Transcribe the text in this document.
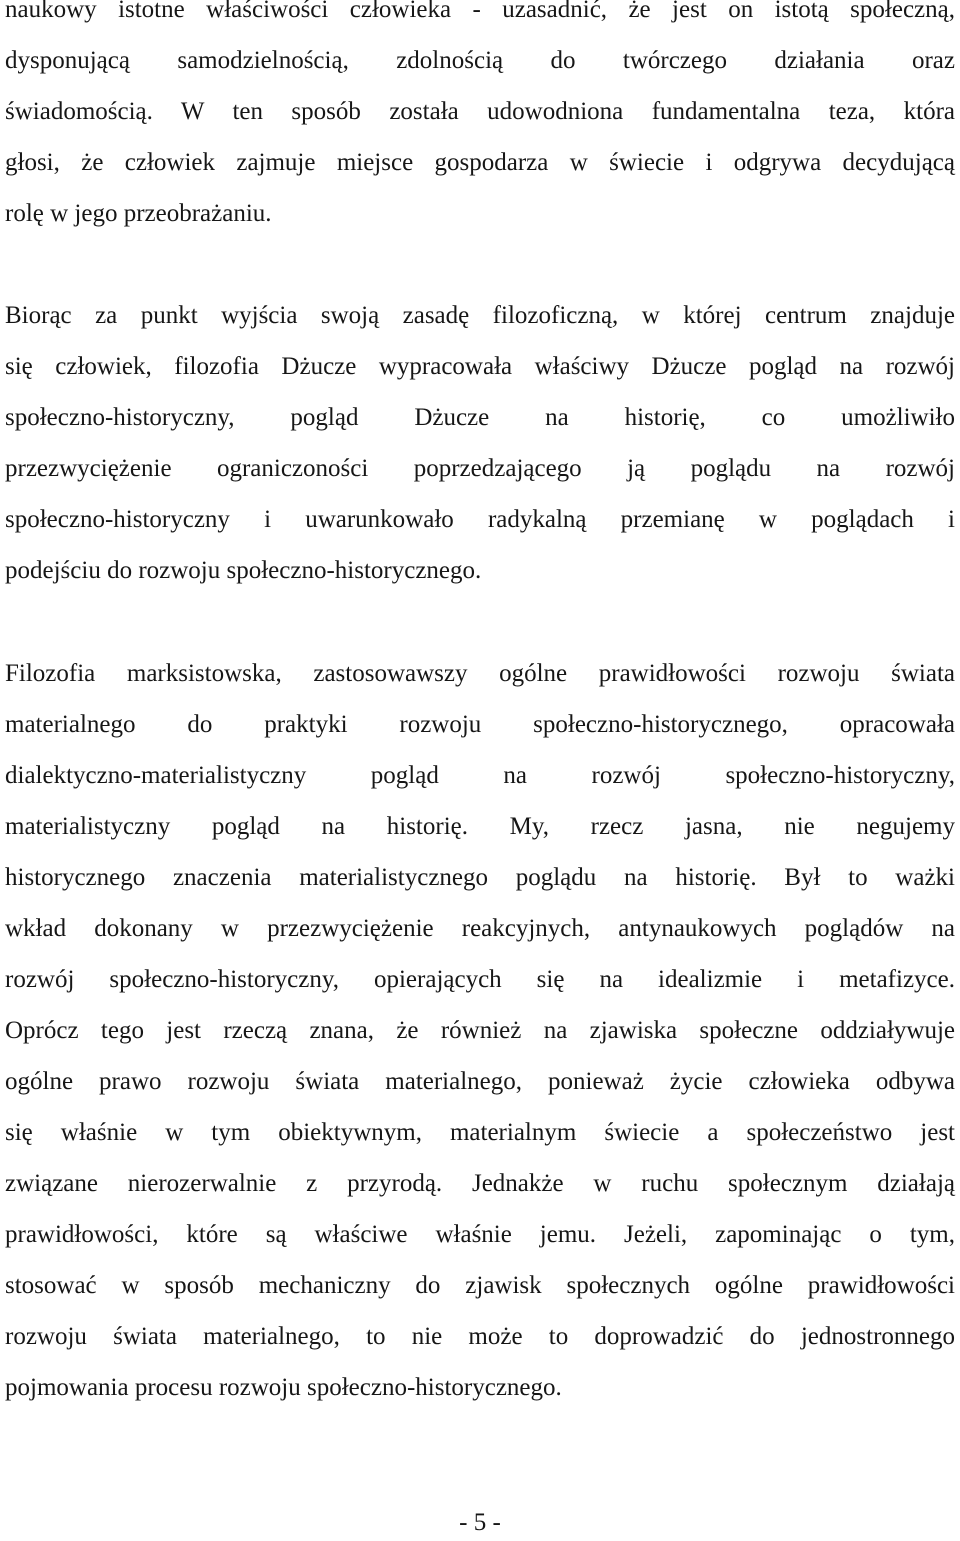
naukowy istotne właściwości człowieka - uzasadnić, że jest on istotą społeczną,
dysponującą samodzielnością, zdolnością do twórczego działania oraz
świadomością. W ten sposób została udowodniona fundamentalna teza, która
głosi, że człowiek zajmuje miejsce gospodarza w świecie i odgrywa decydującą
rolę w jego przeobrażaniu.
Biorąc za punkt wyjścia swoją zasadę filozoficzną, w której centrum znajduje
się człowiek, filozofia Dżucze wypracowała właściwy Dżucze pogląd na rozwój
społeczno-historyczny, pogląd Dżucze na historię, co umożliwiło
przezwyciężenie ograniczoności poprzedzającego ją poglądu na rozwój
społeczno-historyczny i uwarunkowało radykalną przemianę w poglądach i
podejściu do rozwoju społeczno-historycznego.
Filozofia marksistowska, zastosowawszy ogólne prawidłowości rozwoju świata
materialnego do praktyki rozwoju społeczno-historycznego, opracowała
dialektyczno-materialistyczny pogląd na rozwój społeczno-historyczny,
materialistyczny pogląd na historię. My, rzecz jasna, nie negujemy
historycznego znaczenia materialistycznego poglądu na historię. Był to ważki
wkład dokonany w przezwyciężenie reakcyjnych, antynaukowych poglądów na
rozwój społeczno-historyczny, opierających się na idealizmie i metafizyce.
Oprócz tego jest rzeczą znana, że również na zjawiska społeczne oddziaływuje
ogólne prawo rozwoju świata materialnego, ponieważ życie człowieka odbywa
się właśnie w tym obiektywnym, materialnym świecie a społeczeństwo jest
związane nierozerwalnie z przyrodą. Jednakże w ruchu społecznym działają
prawidłowości, które są właściwe właśnie jemu. Jeżeli, zapominając o tym,
stosować w sposób mechaniczny do zjawisk społecznych ogólne prawidłowości
rozwoju świata materialnego, to nie może to doprowadzić do jednostronnego
pojmowania procesu rozwoju społeczno-historycznego.
- 5 -
